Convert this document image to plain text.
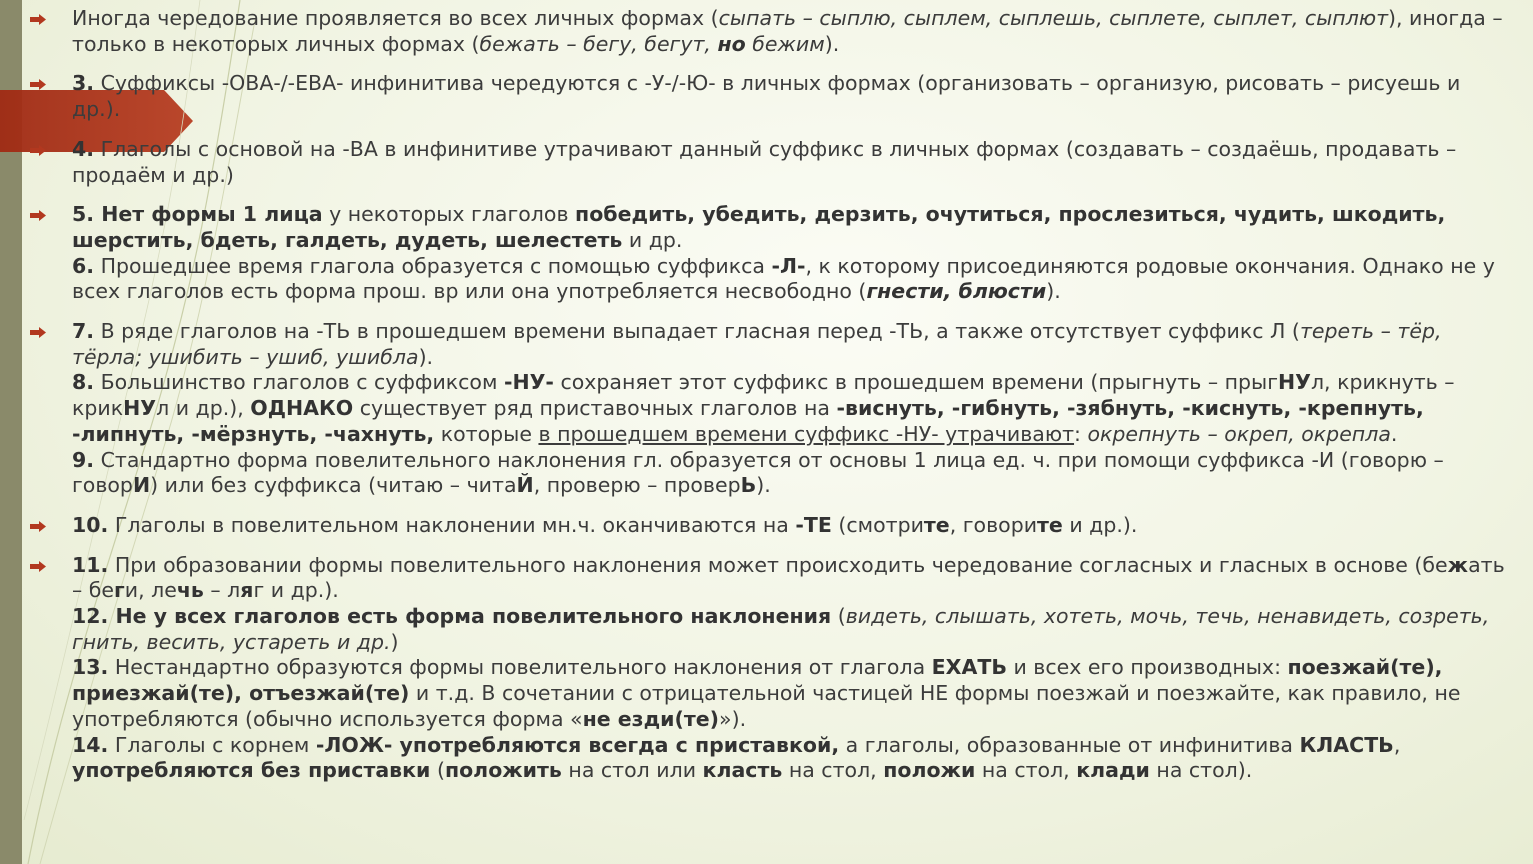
Иногда чередование проявляется во всех личных формах (сыпать – сыплю, сыплем, сыплешь, сыплете, сыплет, сыплют), иногда – только в некоторых личных формах (бежать – бегу, бегут, но бежим).
3. Суффиксы -ОВА-/-ЕВА- инфинитива чередуются с -У-/-Ю- в личных формах (организовать – организую, рисовать – рисуешь и др.).
4. Глаголы с основой на -ВА в инфинитиве утрачивают данный суффикс в личных формах (создавать – создаёшь, продавать – продаём и др.)
5. Нет формы 1 лица у некоторых глаголов победить, убедить, дерзить, очутиться, прослезиться, чудить, шкодить, шерстить, бдеть, галдеть, дудеть, шелестеть и др.
6. Прошедшее время глагола образуется с помощью суффикса -Л-, к которому присоединяются родовые окончания. Однако не у всех глаголов есть форма прош. вр или она употребляется несвободно (гнести, блюсти).
7. В ряде глаголов на -ТЬ в прошедшем времени выпадает гласная перед -ТЬ, а также отсутствует суффикс Л (тереть – тёр, тёрла; ушибить – ушиб, ушибла).
8. Большинство глаголов с суффиксом -НУ- сохраняет этот суффикс в прошедшем времени (прыгнуть – прыгНУл, крикнуть – крикНУл и др.), ОДНАКО существует ряд приставочных глаголов на -виснуть, -гибнуть, -зябнуть, -киснуть, -крепнуть, -липнуть, -мёрзнуть, -чахнуть, которые в прошедшем времени суффикс -НУ- утрачивают: окрепнуть – окреп, окрепла.
9. Стандартно форма повелительного наклонения гл. образуется от основы 1 лица ед. ч. при помощи суффикса -И (говорю – говорИ) или без суффикса (читаю – читаЙ, проверю – проверЬ).
10. Глаголы в повелительном наклонении мн.ч. оканчиваются на -ТЕ (смотрите, говорите и др.).
11. При образовании формы повелительного наклонения может происходить чередование согласных и гласных в основе (бежать – беги, лечь – ляг и др.).
12. Не у всех глаголов есть форма повелительного наклонения (видеть, слышать, хотеть, мочь, течь, ненавидеть, созреть, гнить, весить, устареть и др.)
13. Нестандартно образуются формы повелительного наклонения от глагола ЕХАТЬ и всех его производных: поезжай(те), приезжай(те), отъезжай(те) и т.д. В сочетании с отрицательной частицей НЕ формы поезжай и поезжайте, как правило, не употребляются (обычно используется форма «не езди(те)»).
14. Глаголы с корнем -ЛОЖ- употребляются всегда с приставкой, а глаголы, образованные от инфинитива КЛАСТЬ, употребляются без приставки (положить на стол или класть на стол, положи на стол, клади на стол).
